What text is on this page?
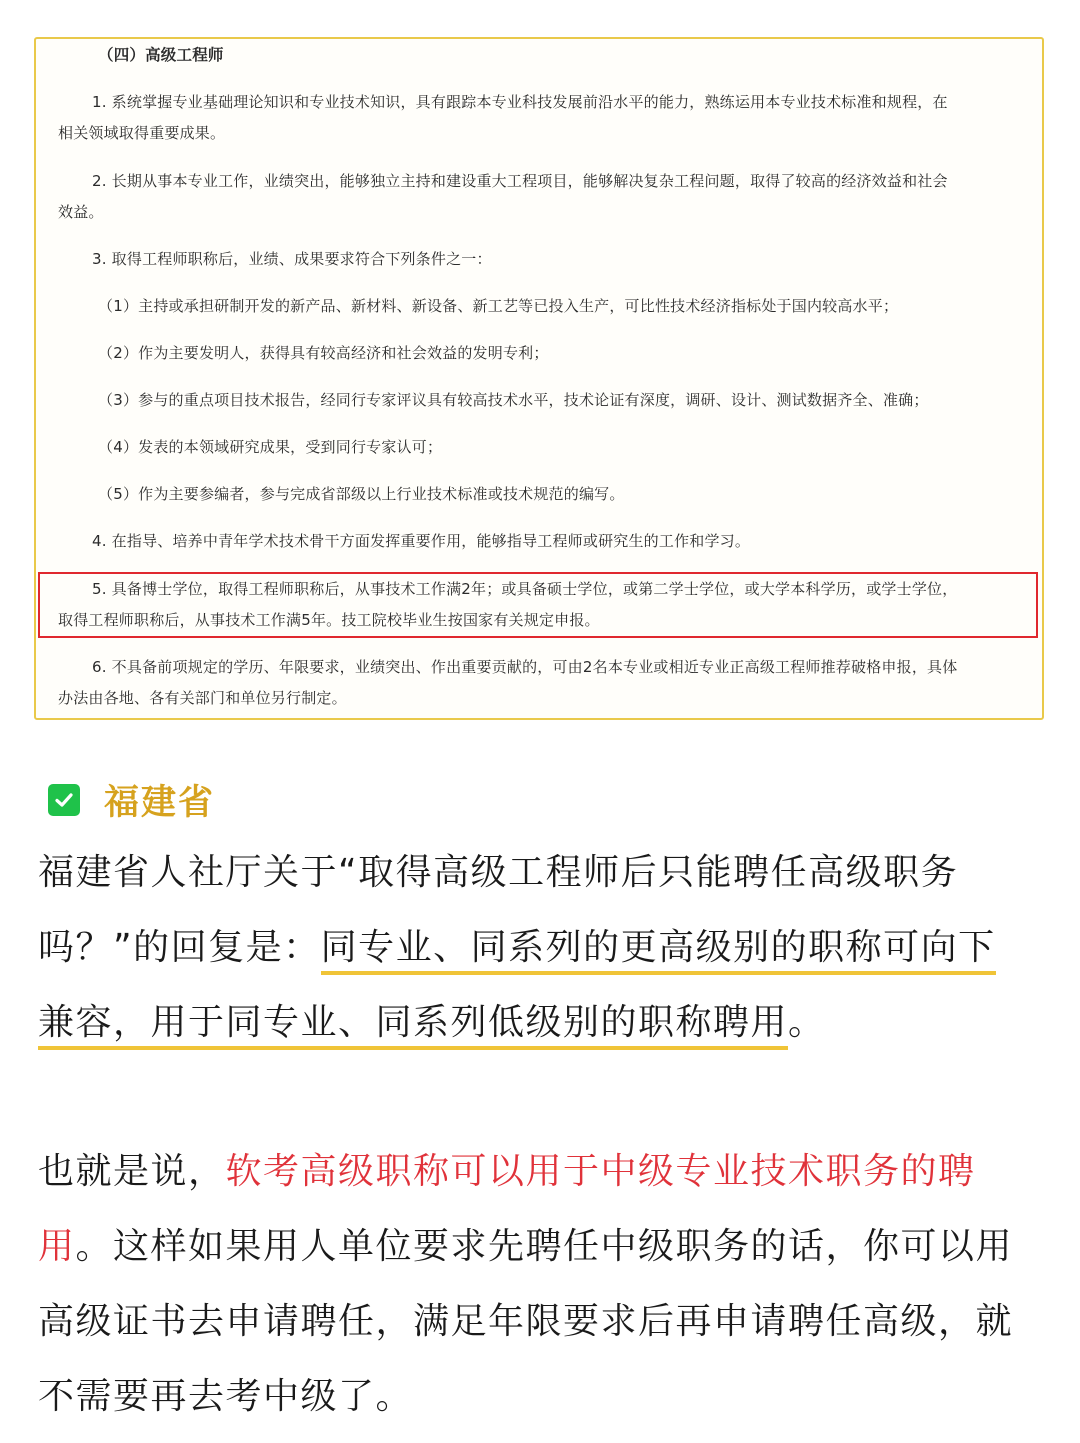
（四）高级工程师
1. 系统掌握专业基础理论知识和专业技术知识，具有跟踪本专业科技发展前沿水平的能力，熟练运用本专业技术标准和规程，在
相关领域取得重要成果。
2. 长期从事本专业工作，业绩突出，能够独立主持和建设重大工程项目，能够解决复杂工程问题，取得了较高的经济效益和社会
效益。
3. 取得工程师职称后，业绩、成果要求符合下列条件之一：
（1）主持或承担研制开发的新产品、新材料、新设备、新工艺等已投入生产，可比性技术经济指标处于国内较高水平；
（2）作为主要发明人，获得具有较高经济和社会效益的发明专利；
（3）参与的重点项目技术报告，经同行专家评议具有较高技术水平，技术论证有深度，调研、设计、测试数据齐全、准确；
（4）发表的本领域研究成果，受到同行专家认可；
（5）作为主要参编者，参与完成省部级以上行业技术标准或技术规范的编写。
4. 在指导、培养中青年学术技术骨干方面发挥重要作用，能够指导工程师或研究生的工作和学习。
5. 具备博士学位，取得工程师职称后，从事技术工作满2年；或具备硕士学位，或第二学士学位，或大学本科学历，或学士学位，
取得工程师职称后，从事技术工作满5年。技工院校毕业生按国家有关规定申报。
6. 不具备前项规定的学历、年限要求，业绩突出、作出重要贡献的，可由2名本专业或相近专业正高级工程师推荐破格申报，具体
办法由各地、各有关部门和单位另行制定。
福建省
福建省人社厅关于“取得高级工程师后只能聘任高级职务
吗？”的回复是：同专业、同系列的更高级别的职称可向下
兼容，用于同专业、同系列低级别的职称聘用。
也就是说，软考高级职称可以用于中级专业技术职务的聘
用。这样如果用人单位要求先聘任中级职务的话，你可以用
高级证书去申请聘任，满足年限要求后再申请聘任高级，就
不需要再去考中级了。
